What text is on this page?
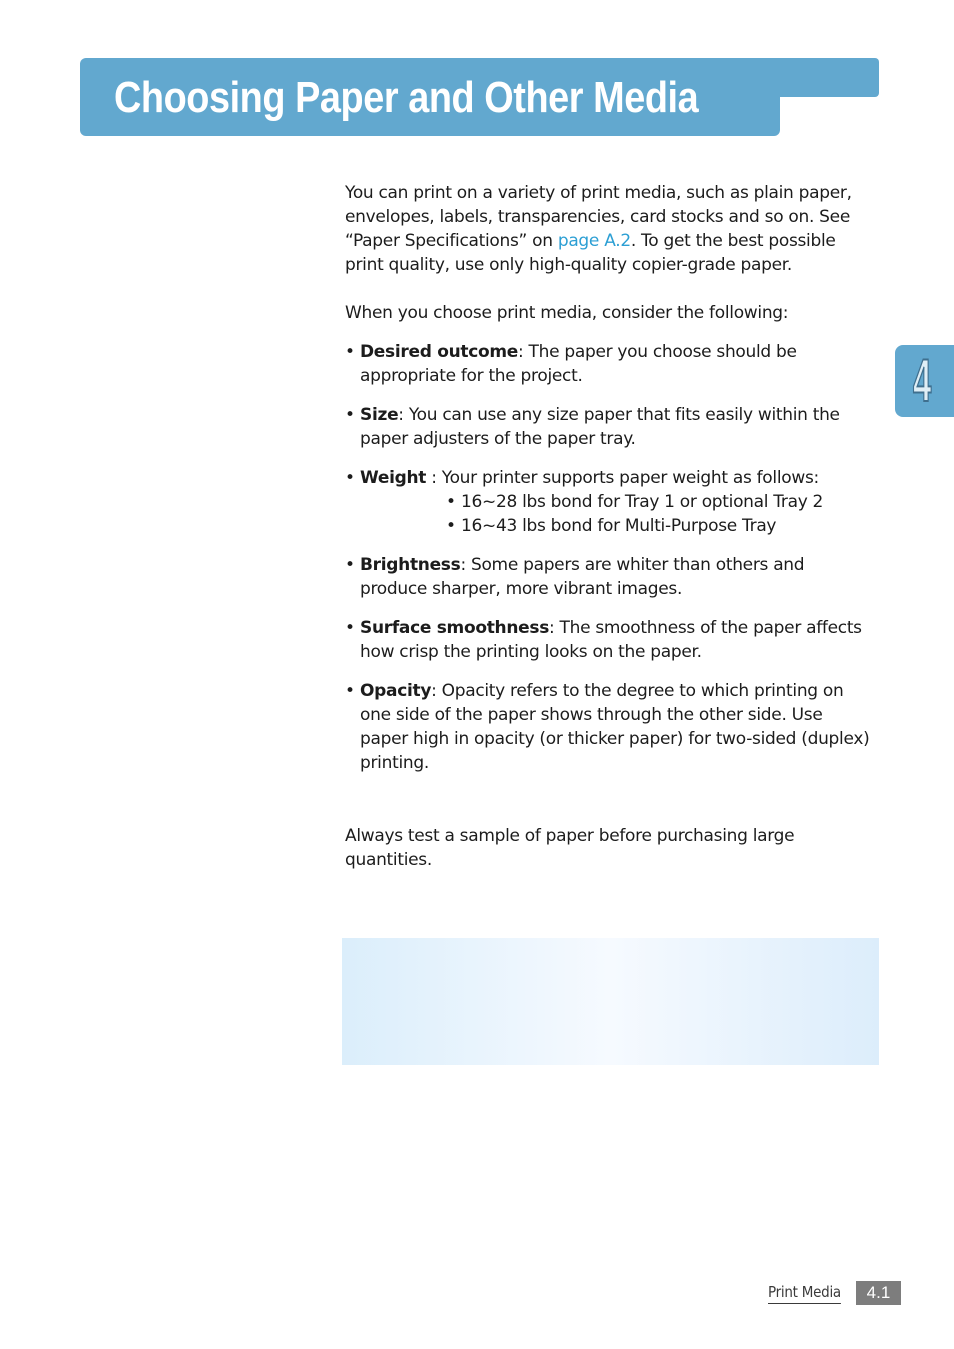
Choosing Paper and Other Media
4

You can print on a variety of print media, such as plain paper, envelopes, labels, transparencies, card stocks and so on. See “Paper Specifications” on page A.2. To get the best possible print quality, use only high-quality copier-grade paper.

When you choose print media, consider the following:

• Desired outcome: The paper you choose should be appropriate for the project.
• Size: You can use any size paper that fits easily within the paper adjusters of the paper tray.
• Weight : Your printer supports paper weight as follows:
• 16~28 lbs bond for Tray 1 or optional Tray 2
• 16~43 lbs bond for Multi-Purpose Tray
• Brightness: Some papers are whiter than others and produce sharper, more vibrant images.
• Surface smoothness: The smoothness of the paper affects how crisp the printing looks on the paper.
• Opacity: Opacity refers to the degree to which printing on one side of the paper shows through the other side. Use paper high in opacity (or thicker paper) for two-sided (duplex) printing.

Always test a sample of paper before purchasing large quantities.

Print Media	4.1
